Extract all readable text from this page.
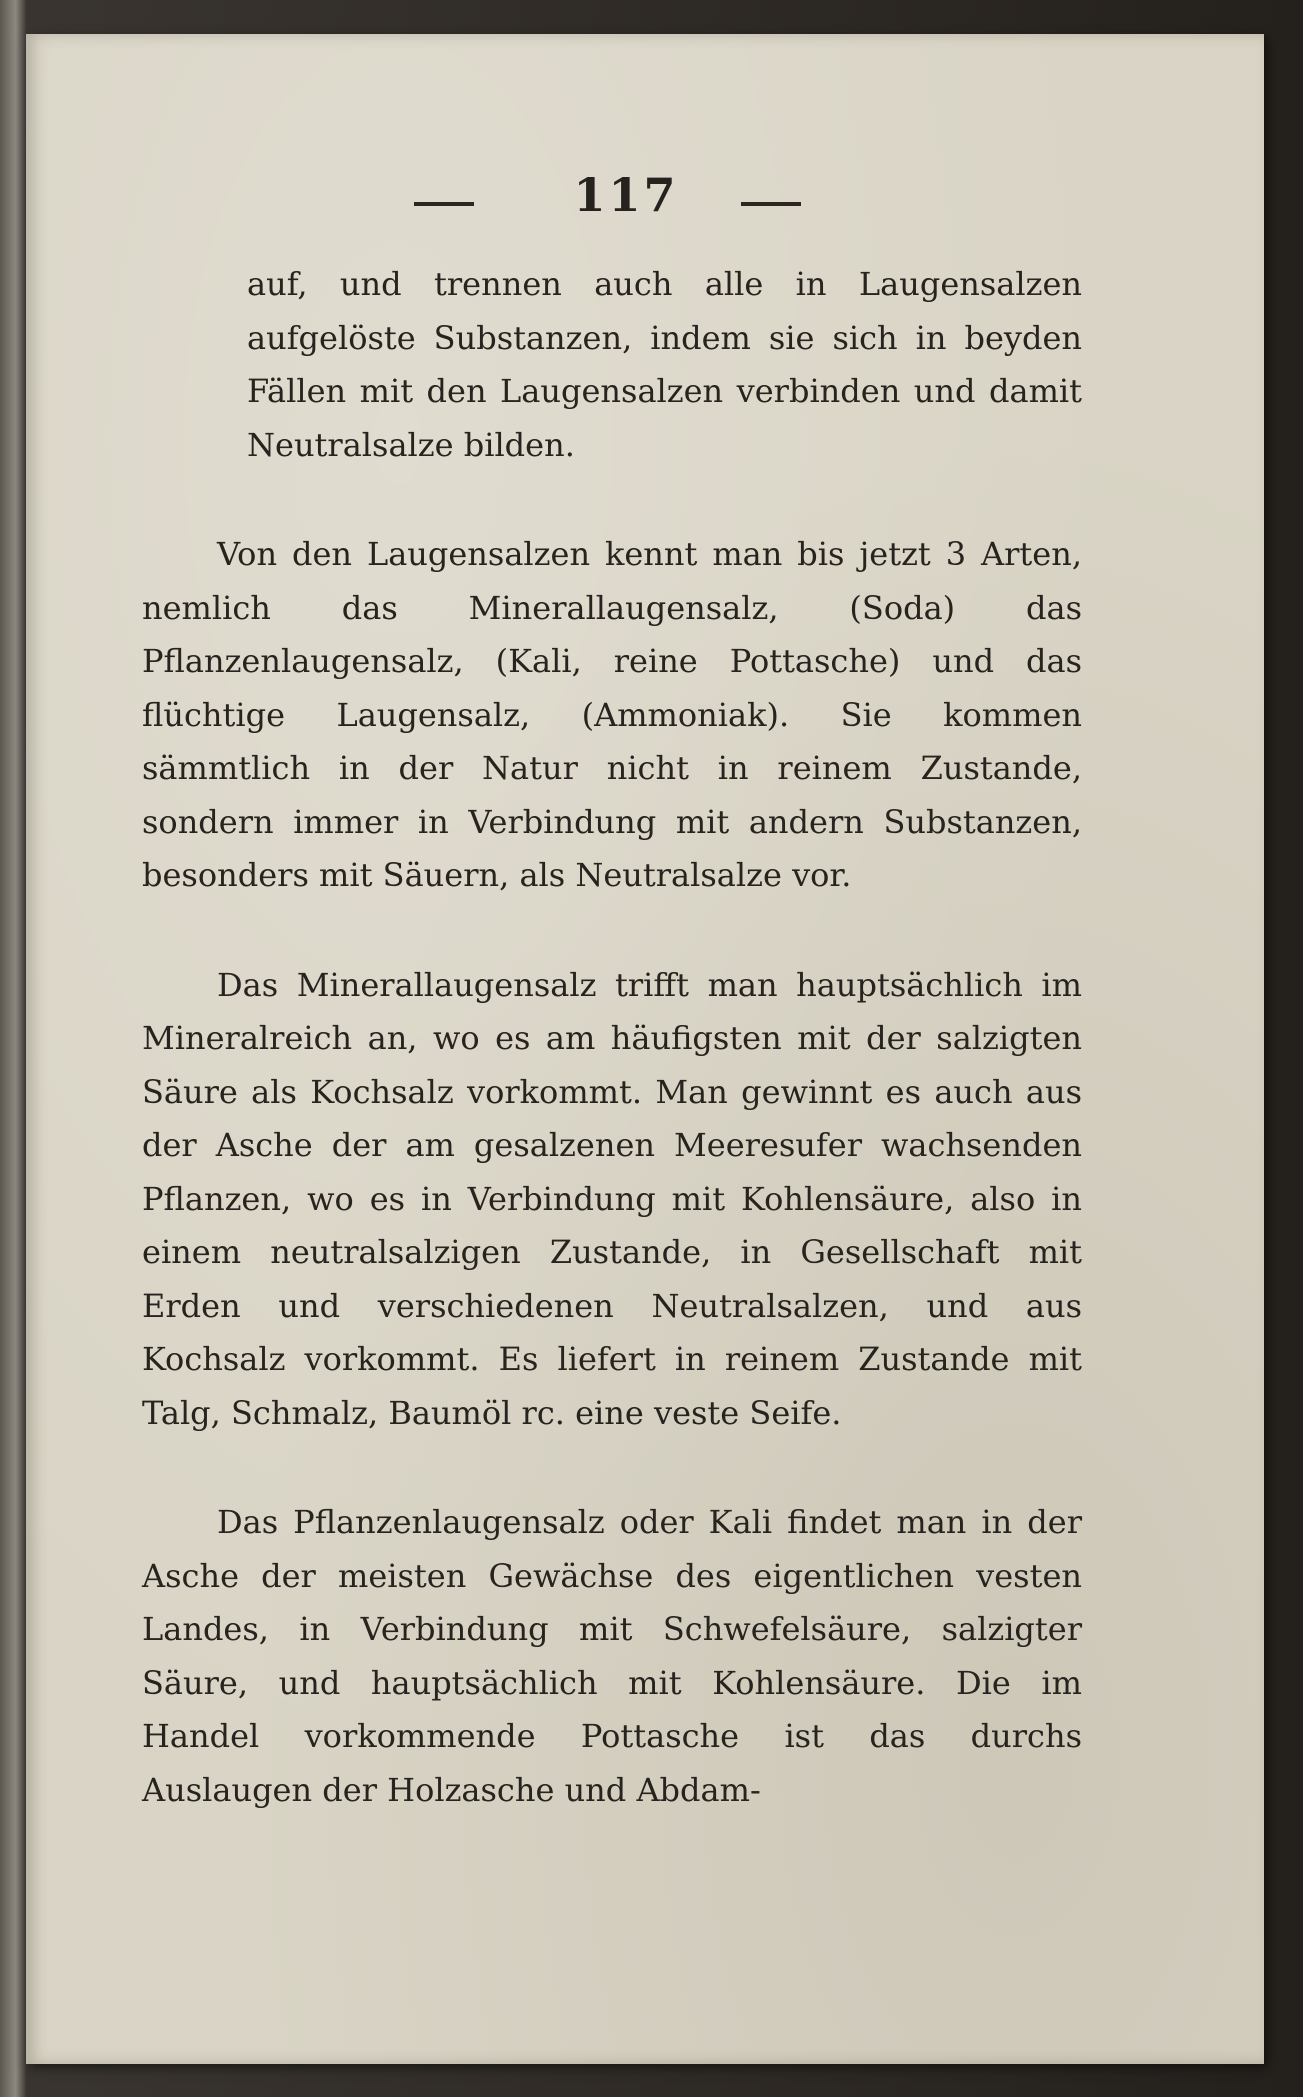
117

auf, und trennen auch alle in Laugensalzen aufgelöste Substanzen, indem sie sich in beyden Fällen mit den Laugensalzen verbinden und damit Neutralsalze bilden.

Von den Laugensalzen kennt man bis jetzt 3 Arten, nemlich das Minerallaugensalz, (Soda) das Pflanzenlaugensalz, (Kali, reine Pottasche) und das flüchtige Laugensalz, (Ammoniak). Sie kommen sämmtlich in der Natur nicht in reinem Zustande, sondern immer in Verbindung mit andern Substanzen, besonders mit Säuern, als Neutralsalze vor.

Das Minerallaugensalz trifft man hauptsächlich im Mineralreich an, wo es am häufigsten mit der salzigten Säure als Kochsalz vorkommt. Man gewinnt es auch aus der Asche der am gesalzenen Meeresufer wachsenden Pflanzen, wo es in Verbindung mit Kohlensäure, also in einem neutralsalzigen Zustande, in Gesellschaft mit Erden und verschiedenen Neutralsalzen, und aus Kochsalz vorkommt. Es liefert in reinem Zustande mit Talg, Schmalz, Baumöl rc. eine veste Seife.

Das Pflanzenlaugensalz oder Kali findet man in der Asche der meisten Gewächse des eigentlichen vesten Landes, in Verbindung mit Schwefelsäure, salzigter Säure, und hauptsächlich mit Kohlensäure. Die im Handel vorkommende Pottasche ist das durchs Auslaugen der Holzasche und Abdam-
